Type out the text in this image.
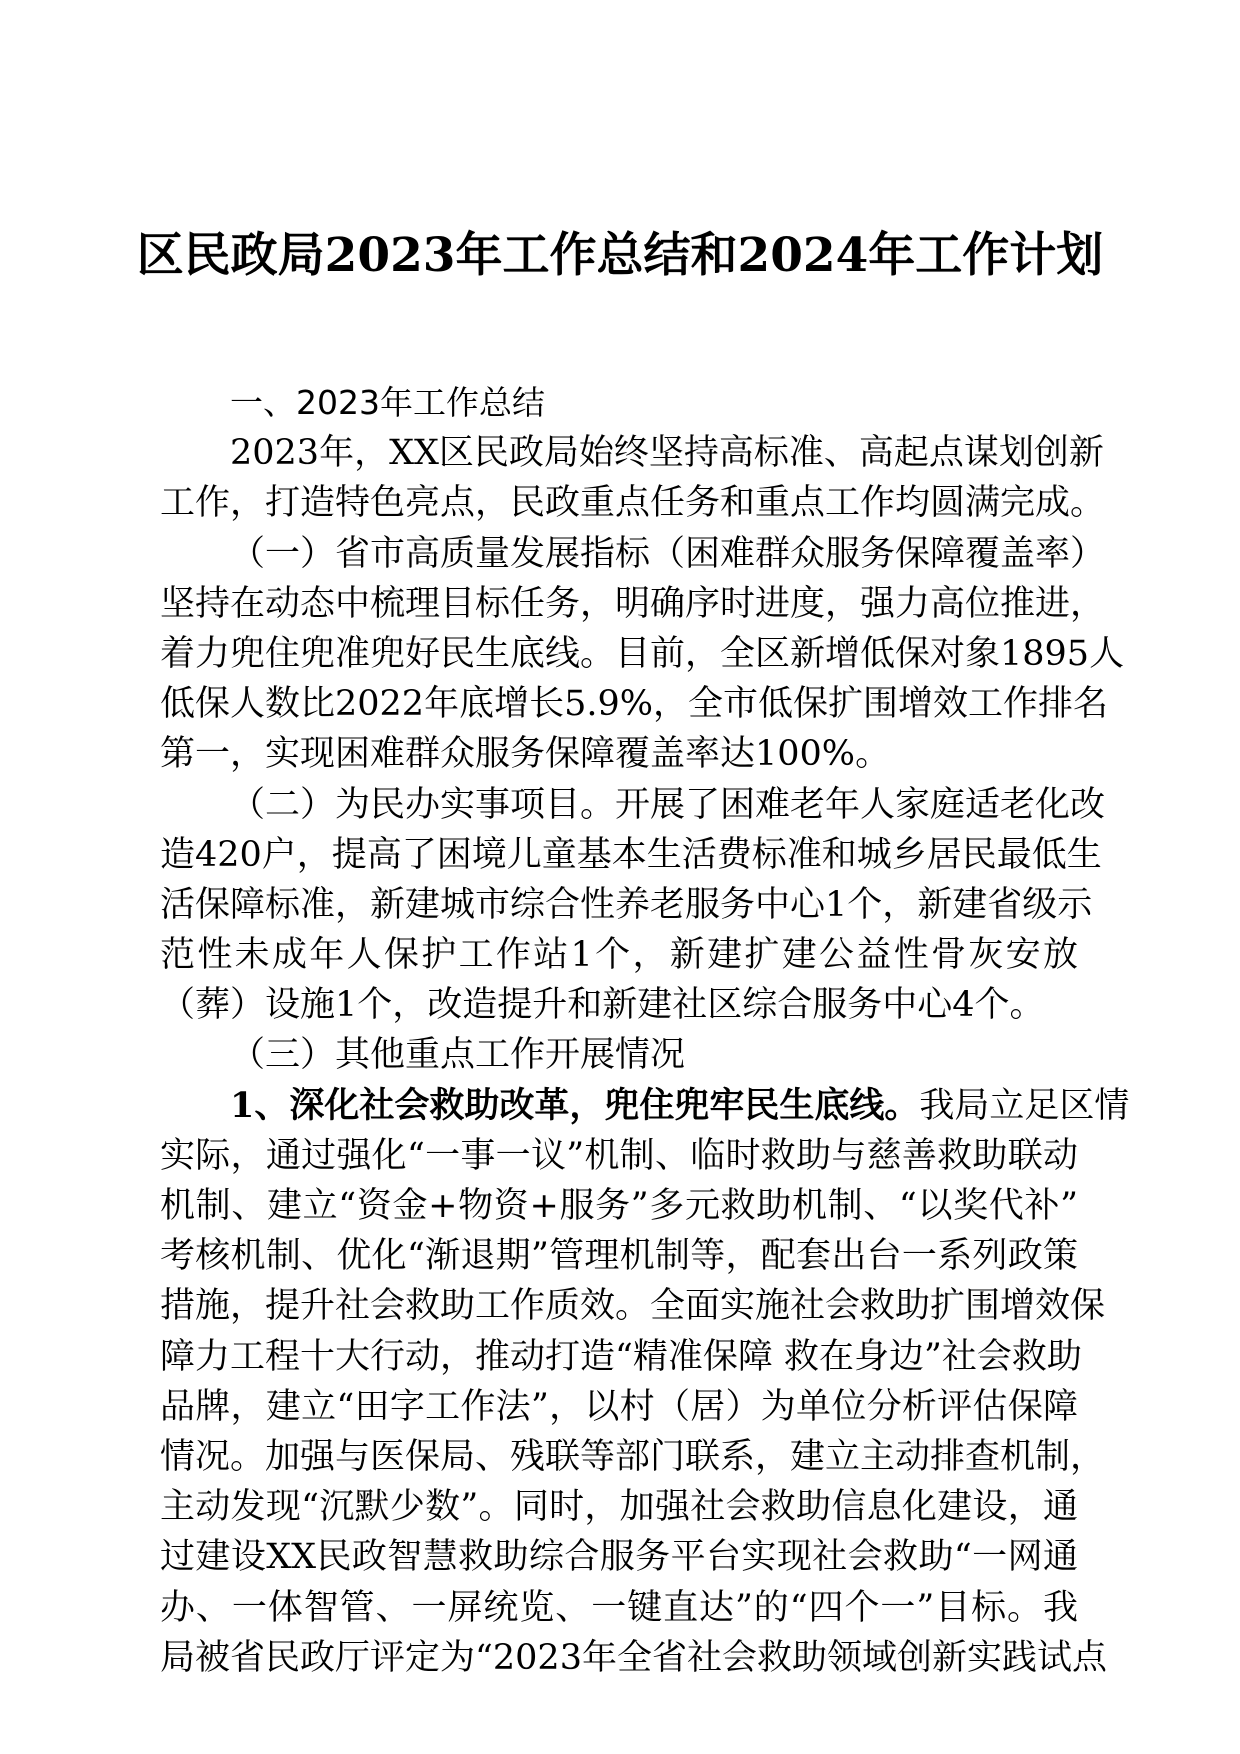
区民政局2023年工作总结和2024年工作计划
一、2023年工作总结
2023年，XX区民政局始终坚持高标准、高起点谋划创新
工作，打造特色亮点，民政重点任务和重点工作均圆满完成。
（一）省市高质量发展指标（困难群众服务保障覆盖率）
坚持在动态中梳理目标任务，明确序时进度，强力高位推进，
着力兜住兜准兜好民生底线。目前，全区新增低保对象1895人
低保人数比2022年底增长5.9%，全市低保扩围增效工作排名
第一，实现困难群众服务保障覆盖率达100%。
（二）为民办实事项目。开展了困难老年人家庭适老化改
造420户，提高了困境儿童基本生活费标准和城乡居民最低生
活保障标准，新建城市综合性养老服务中心1个，新建省级示
范性未成年人保护工作站1个，新建扩建公益性骨灰安放
（葬）设施1个，改造提升和新建社区综合服务中心4个。
（三）其他重点工作开展情况
1、深化社会救助改革，兜住兜牢民生底线。我局立足区情
实际，通过强化“一事一议”机制、临时救助与慈善救助联动
机制、建立“资金+物资+服务”多元救助机制、“以奖代补”
考核机制、优化“渐退期”管理机制等，配套出台一系列政策
措施，提升社会救助工作质效。全面实施社会救助扩围增效保
障力工程十大行动，推动打造“精准保障 救在身边”社会救助
品牌，建立“田字工作法”，以村（居）为单位分析评估保障
情况。加强与医保局、残联等部门联系，建立主动排查机制，
主动发现“沉默少数”。同时，加强社会救助信息化建设，通
过建设XX民政智慧救助综合服务平台实现社会救助“一网通
办、一体智管、一屏统览、一键直达”的“四个一”目标。我
局被省民政厅评定为“2023年全省社会救助领域创新实践试点
